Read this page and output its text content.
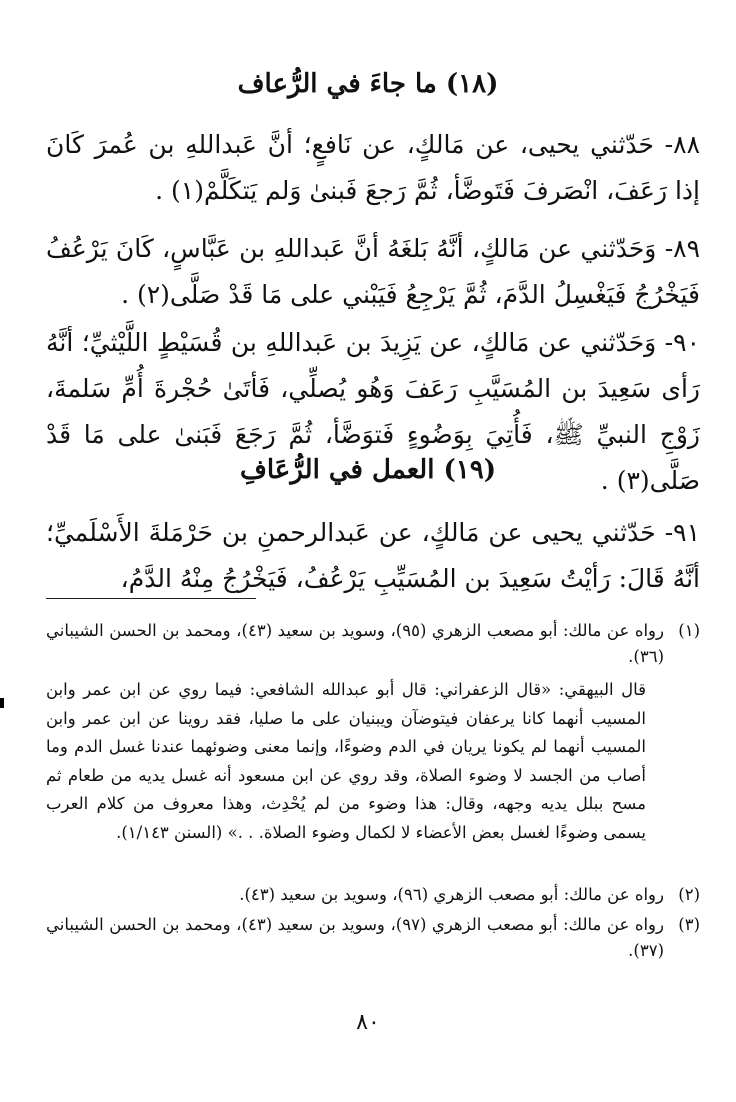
(١٨) ما جاءَ في الرُّعاف
٨٨- حَدّثني يحيى، عن مَالكٍ، عن نَافعٍ؛ أنَّ عَبداللهِ بن عُمرَ كَانَ إذا رَعَفَ، انْصَرفَ فَتَوضَّأ، ثُمَّ رَجعَ فَبنىٰ وَلم يَتكَلَّمْ(١) .
٨٩- وَحَدّثني عن مَالكٍ، أنَّهُ بَلغَهُ أنَّ عَبداللهِ بن عَبَّاسٍ، كَانَ يَرْعُفُ فَيَخْرُجُ فَيَغْسِلُ الدَّمَ، ثُمَّ يَرْجِعُ فَيَبْني على مَا قَدْ صَلَّى(٢) .
٩٠- وَحَدّثني عن مَالكٍ، عن يَزِيدَ بن عَبداللهِ بن قُسَيْطٍ اللَّيْثيِّ؛ أنَّهُ رَأى سَعِيدَ بن المُسَيَّبِ رَعَفَ وَهُو يُصلِّي، فَأتَىٰ حُجْرةَ أُمِّ سَلمةَ، زَوْجِ النبيِّ ﷺ، فَأُتِيَ بِوَضُوءٍ فَتوَضَّأ، ثُمَّ رَجَعَ فَبَنىٰ على مَا قَدْ صَلَّى(٣) .
(١٩) العمل في الرُّعَافِ
٩١- حَدّثني يحيى عن مَالكٍ، عن عَبدالرحمنِ بن حَرْمَلةَ الأَسْلَميِّ؛ أنَّهُ قَالَ: رَأيْتُ سَعِيدَ بن المُسَيِّبِ يَرْعُفُ، فَيَخْرُجُ مِنْهُ الدَّمُ،
(١)
رواه عن مالك: أبو مصعب الزهري (٩٥)، وسويد بن سعيد (٤٣)، ومحمد بن الحسن الشيباني (٣٦).
قال البيهقي: «قال الزعفراني: قال أبو عبدالله الشافعي: فيما روي عن ابن عمر وابن المسيب أنهما كانا يرعفان فيتوضآن ويبنيان على ما صليا، فقد روينا عن ابن عمر وابن المسيب أنهما لم يكونا يريان في الدم وضوءًا، وإنما معنى وضوئهما عندنا غسل الدم وما أصاب من الجسد لا وضوء الصلاة، وقد روي عن ابن مسعود أنه غسل يديه من طعام ثم مسح ببلل يديه وجهه، وقال: هذا وضوء من لم يُحْدِث، وهذا معروف من كلام العرب يسمى وضوءًا لغسل بعض الأعضاء لا لكمال وضوء الصلاة. . .» (السنن ١/١٤٣).
(٢)
رواه عن مالك: أبو مصعب الزهري (٩٦)، وسويد بن سعيد (٤٣).
(٣)
رواه عن مالك: أبو مصعب الزهري (٩٧)، وسويد بن سعيد (٤٣)، ومحمد بن الحسن الشيباني (٣٧).
٨٠
